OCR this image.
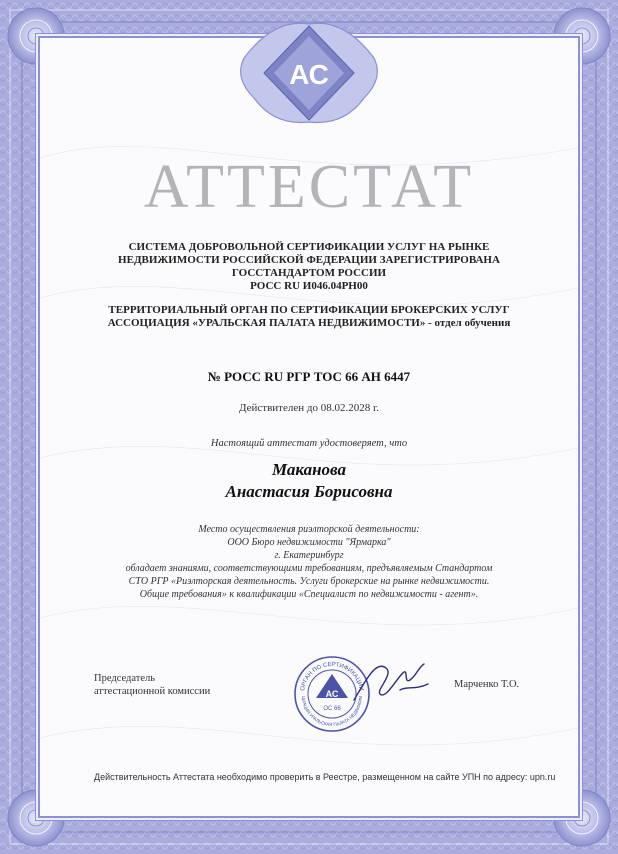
АС
АТТЕСТАТ
СИСТЕМА ДОБРОВОЛЬНОЙ СЕРТИФИКАЦИИ УСЛУГ НА РЫНКЕ
НЕДВИЖИМОСТИ РОССИЙСКОЙ ФЕДЕРАЦИИ ЗАРЕГИСТРИРОВАНА
ГОССТАНДАРТОМ РОССИИ
РОСС RU И046.04РН00
ТЕРРИТОРИАЛЬНЫЙ ОРГАН ПО СЕРТИФИКАЦИИ БРОКЕРСКИХ УСЛУГ
АССОЦИАЦИЯ «УРАЛЬСКАЯ ПАЛАТА НЕДВИЖИМОСТИ» - отдел обучения
№ РОСС RU РГР ТОС 66 АН 6447
Действителен до 08.02.2028 г.
Настоящий аттестат удостоверяет, что
Маканова
Анастасия Борисовна
Место осуществления риэлторской деятельности:
ООО Бюро недвижимости "Ярмарка"
г. Екатеринбург
обладает знаниями, соответствующими требованиям, предъявляемым Стандартом
СТО РГР «Риэлторская деятельность. Услуги брокерские на рынке недвижимости.
Общие требования» к квалификации «Специалист по недвижимости - агент».
Председатель
аттестационной комиссии	ОРГАН ПО СЕРТИФИКАЦИИ
ЦИАЦИЯ УРАЛЬСКАЯ ПАЛАТА НЕДВИЖИМ
АС
ОС 66
Марченко Т.О.
Действительность Аттестата необходимо проверить в Реестре, размещенном на сайте УПН по адресу: upn.ru
